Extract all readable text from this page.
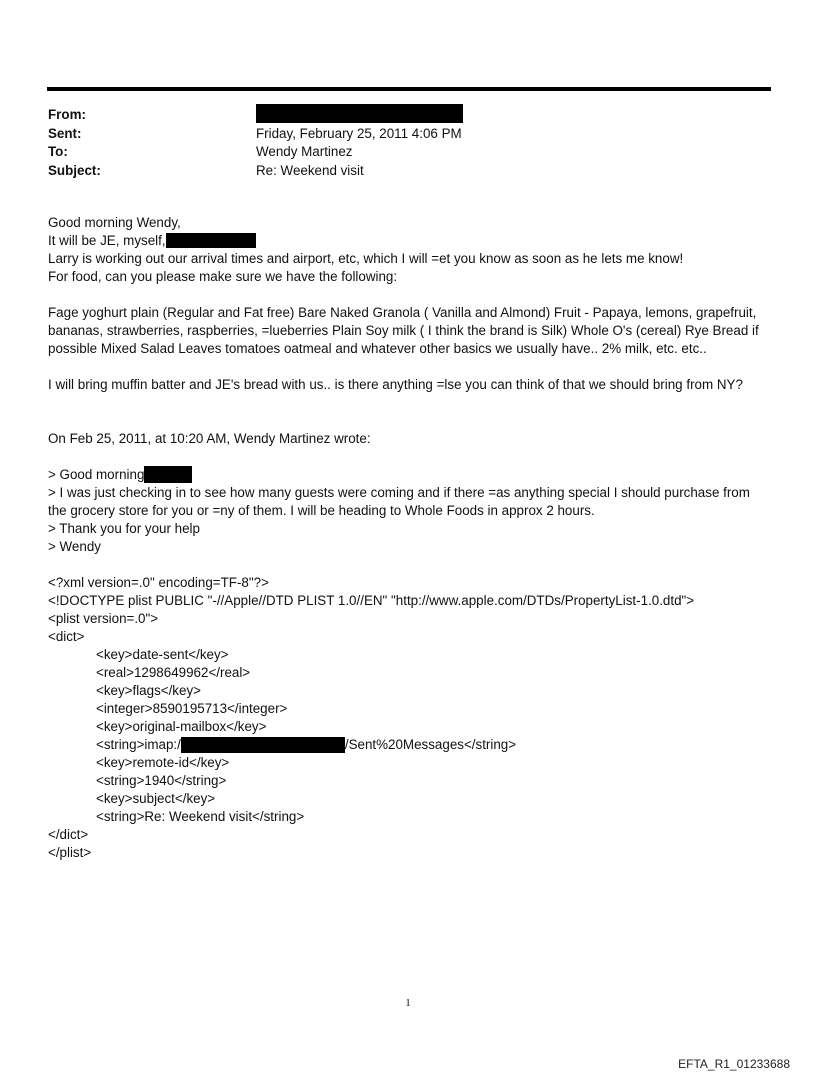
From:
Sent:	Friday, February 25, 2011 4:06 PM
To:	Wendy Martinez
Subject:	Re: Weekend visit
Good morning Wendy,
It will be JE, myself,
Larry is working out our arrival times and airport, etc, which I will =et you know as soon as he lets me know!
For food, can you please make sure we have the following:
Fage yoghurt plain (Regular and Fat free) Bare Naked Granola ( Vanilla and Almond) Fruit - Papaya, lemons, grapefruit, bananas, strawberries, raspberries, =lueberries Plain Soy milk ( I think the brand is Silk) Whole O's (cereal) Rye Bread if possible Mixed Salad Leaves tomatoes oatmeal and whatever other basics we usually have.. 2% milk, etc. etc..
I will bring muffin batter and JE's bread with us.. is there anything =lse you can think of that we should bring from NY?
On Feb 25, 2011, at 10:20 AM, Wendy Martinez wrote:
> Good morning
> I was just checking in to see how many guests were coming and if there =as anything special I should purchase from the grocery store for you or =ny of them. I will be heading to Whole Foods in approx 2 hours.
> Thank you for your help
> Wendy
<?xml version=.0" encoding=TF-8"?>
<!DOCTYPE plist PUBLIC "-//Apple//DTD PLIST 1.0//EN" "http://www.apple.com/DTDs/PropertyList-1.0.dtd">
<plist version=.0">
<dict>
<key>date-sent</key>
<real>1298649962</real>
<key>flags</key>
<integer>8590195713</integer>
<key>original-mailbox</key>
<string>imap:/	/Sent%20Messages</string>
<key>remote-id</key>
<string>1940</string>
<key>subject</key>
<string>Re: Weekend visit</string>
</dict>
</plist>
1
EFTA_R1_01233688
